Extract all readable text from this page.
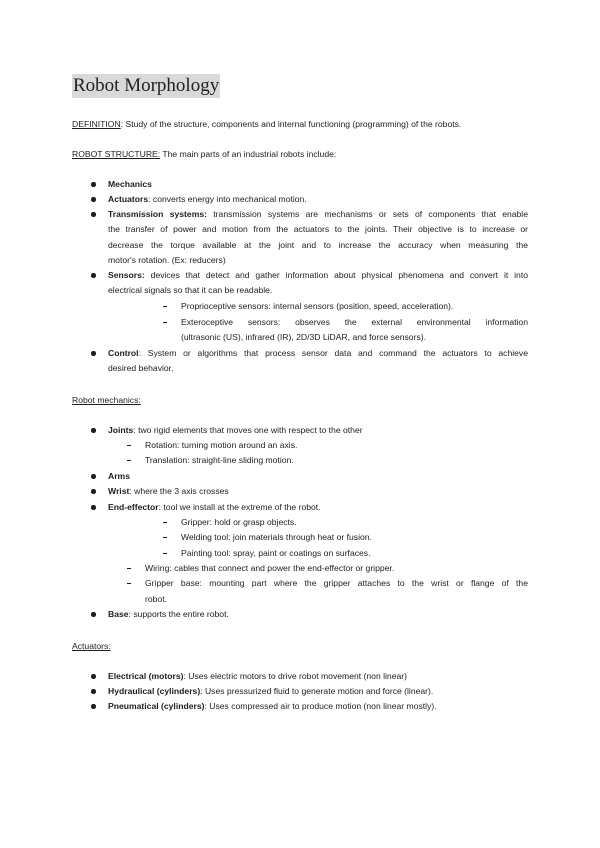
Robot Morphology
DEFINITION: Study of the structure, components and internal functioning (programming) of the robots.
ROBOT STRUCTURE: The main parts of an industrial robots include:
Mechanics
Actuators: converts energy into mechanical motion.
Transmission systems: transmission systems are mechanisms or sets of components that enable
the transfer of power and motion from the actuators to the joints. Their objective is to increase or
decrease the torque available at the joint and to increase the accuracy when measuring the
motor's rotation. (Ex: reducers)
Sensors: devices that detect and gather information about physical phenomena and convert it into
electrical signals so that it can be readable.
Proprioceptive sensors: internal sensors (position, speed, acceleration).
Exteroceptive sensors: observes the external environmental information
(ultrasonic (US), infrared (IR), 2D/3D LiDAR, and force sensors).
Control: System or algorithms that process sensor data and command the actuators to achieve
desired behavior.
Robot mechanics:
Joints: two rigid elements that moves one with respect to the other
Rotation: turning motion around an axis.
Translation: straight-line sliding motion.
Arms
Wrist: where the 3 axis crosses
End-effector: tool we install at the extreme of the robot.
Gripper: hold or grasp objects.
Welding tool: join materials through heat or fusion.
Painting tool: spray, paint or coatings on surfaces.
Wiring: cables that connect and power the end-effector or gripper.
Gripper base: mounting part where the gripper attaches to the wrist or flange of the
robot.
Base: supports the entire robot.
Actuators:
Electrical (motors): Uses electric motors to drive robot movement (non linear)
Hydraulical (cylinders): Uses pressurized fluid to generate motion and force (linear).
Pneumatical (cylinders): Uses compressed air to produce motion (non linear mostly).
